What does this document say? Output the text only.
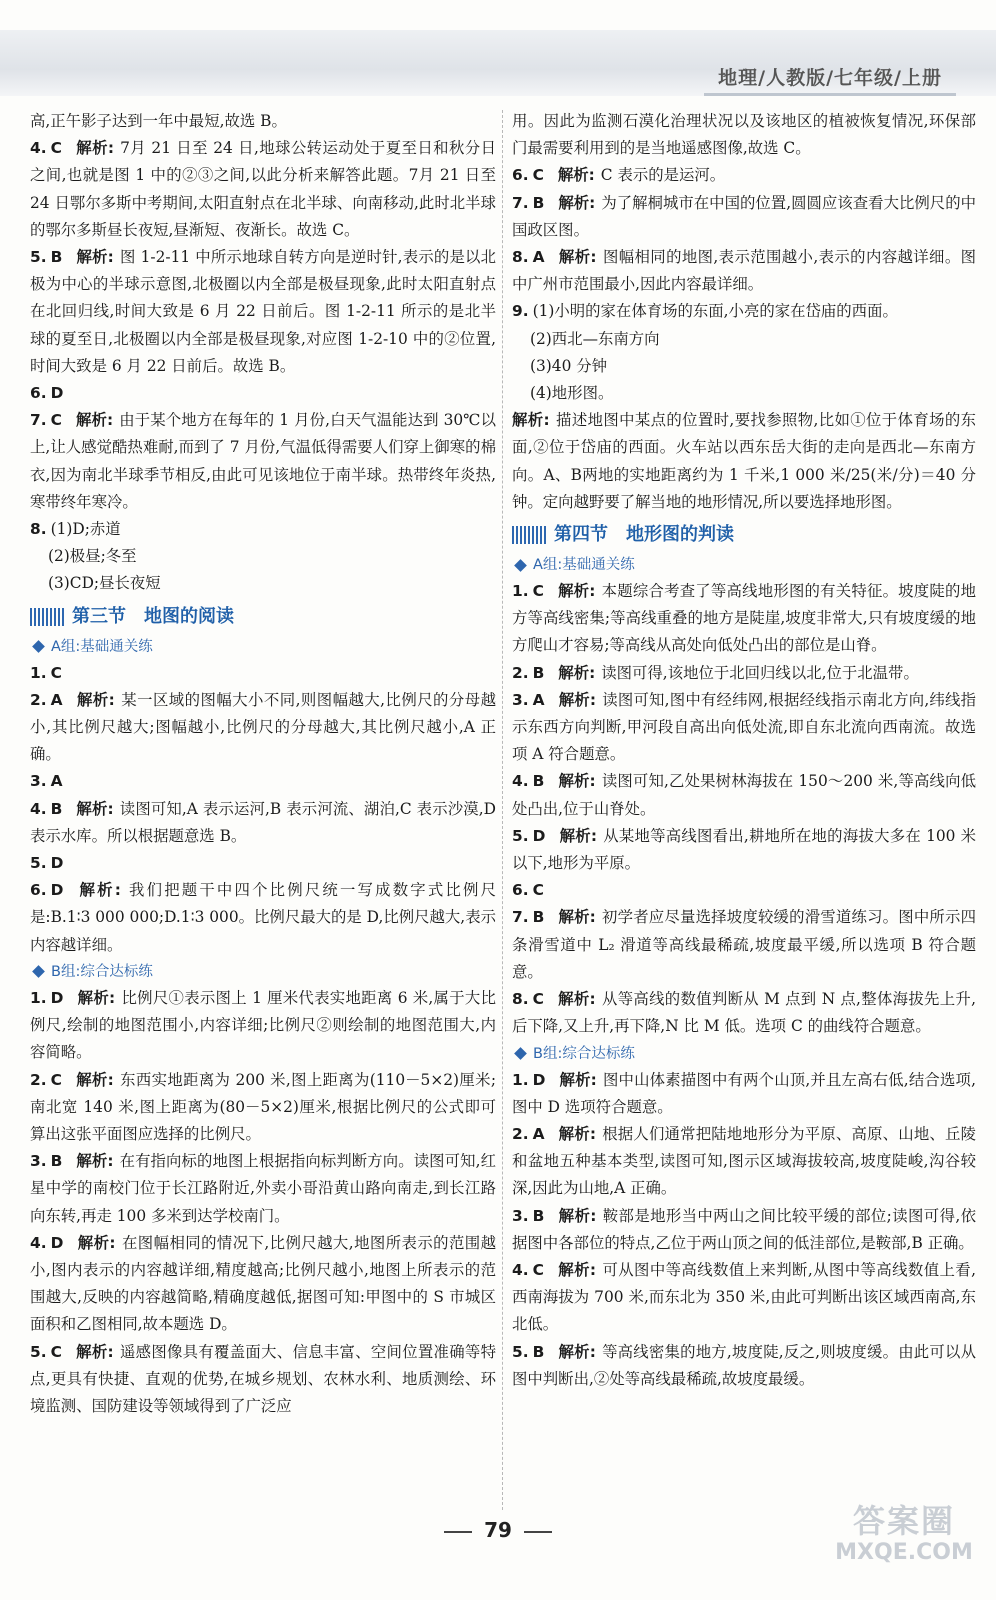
地理/人教版/七年级/上册

高,正午影子达到一年中最短,故选 B。

4. C 解析: 7月 21 日至 24 日,地球公转运动处于夏至日和秋分日之间,也就是图 1 中的②③之间,以此分析来解答此题。7月 21 日至 24 日鄂尔多斯中考期间,太阳直射点在北半球、向南移动,此时北半球的鄂尔多斯昼长夜短,昼渐短、夜渐长。故选 C。

5. B 解析: 图 1-2-11 中所示地球自转方向是逆时针,表示的是以北极为中心的半球示意图,北极圈以内全部是极昼现象,此时太阳直射点在北回归线,时间大致是 6 月 22 日前后。图 1-2-11 所示的是北半球的夏至日,北极圈以内全部是极昼现象,对应图 1-2-10 中的②位置,时间大致是 6 月 22 日前后。故选 B。

6. D

7. C 解析: 由于某个地方在每年的 1 月份,白天气温能达到 30℃以上,让人感觉酷热难耐,而到了 7 月份,气温低得需要人们穿上御寒的棉衣,因为南北半球季节相反,由此可见该地位于南半球。热带终年炎热,寒带终年寒冷。

8. (1)D;赤道

(2)极昼;冬至

(3)CD;昼长夜短

第三节　地图的阅读
A组:基础通关练

1. C

2. A 解析: 某一区域的图幅大小不同,则图幅越大,比例尺的分母越小,其比例尺越大;图幅越小,比例尺的分母越大,其比例尺越小,A 正确。

3. A

4. B 解析: 读图可知,A 表示运河,B 表示河流、湖泊,C 表示沙漠,D 表示水库。所以根据题意选 B。

5. D

6. D 解析: 我们把题干中四个比例尺统一写成数字式比例尺是:B.1∶3 000 000;D.1∶3 000。比例尺最大的是 D,比例尺越大,表示内容越详细。

B组:综合达标练

1. D 解析: 比例尺①表示图上 1 厘米代表实地距离 6 米,属于大比例尺,绘制的地图范围小,内容详细;比例尺②则绘制的地图范围大,内容简略。

2. C 解析: 东西实地距离为 200 米,图上距离为(110－5×2)厘米;南北宽 140 米,图上距离为(80－5×2)厘米,根据比例尺的公式即可算出这张平面图应选择的比例尺。

3. B 解析: 在有指向标的地图上根据指向标判断方向。读图可知,红星中学的南校门位于长江路附近,外卖小哥沿黄山路向南走,到长江路向东转,再走 100 多米到达学校南门。

4. D 解析: 在图幅相同的情况下,比例尺越大,地图所表示的范围越小,图内表示的内容越详细,精度越高;比例尺越小,地图上所表示的范围越大,反映的内容越简略,精确度越低,据图可知:甲图中的 S 市城区面积和乙图相同,故本题选 D。

5. C 解析: 遥感图像具有覆盖面大、信息丰富、空间位置准确等特点,更具有快捷、直观的优势,在城乡规划、农林水利、地质测绘、环境监测、国防建设等领域得到了广泛应

用。因此为监测石漠化治理状况以及该地区的植被恢复情况,环保部门最需要利用到的是当地遥感图像,故选 C。

6. C 解析: C 表示的是运河。

7. B 解析: 为了解桐城市在中国的位置,圆圆应该查看大比例尺的中国政区图。

8. A 解析: 图幅相同的地图,表示范围越小,表示的内容越详细。图中广州市范围最小,因此内容最详细。

9. (1)小明的家在体育场的东面,小亮的家在岱庙的西面。

(2)西北—东南方向

(3)40 分钟

(4)地形图。

解析: 描述地图中某点的位置时,要找参照物,比如①位于体育场的东面,②位于岱庙的西面。火车站以西东岳大街的走向是西北—东南方向。A、B两地的实地距离约为 1 千米,1 000 米/25(米/分)＝40 分钟。定向越野要了解当地的地形情况,所以要选择地形图。

第四节　地形图的判读
A组:基础通关练

1. C 解析: 本题综合考查了等高线地形图的有关特征。坡度陡的地方等高线密集;等高线重叠的地方是陡崖,坡度非常大,只有坡度缓的地方爬山才容易;等高线从高处向低处凸出的部位是山脊。

2. B 解析: 读图可得,该地位于北回归线以北,位于北温带。

3. A 解析: 读图可知,图中有经纬网,根据经线指示南北方向,纬线指示东西方向判断,甲河段自高出向低处流,即自东北流向西南流。故选项 A 符合题意。

4. B 解析: 读图可知,乙处果树林海拔在 150～200 米,等高线向低处凸出,位于山脊处。

5. D 解析: 从某地等高线图看出,耕地所在地的海拔大多在 100 米以下,地形为平原。

6. C

7. B 解析: 初学者应尽量选择坡度较缓的滑雪道练习。图中所示四条滑雪道中 L₂ 滑道等高线最稀疏,坡度最平缓,所以选项 B 符合题意。

8. C 解析: 从等高线的数值判断从 M 点到 N 点,整体海拔先上升,后下降,又上升,再下降,N 比 M 低。选项 C 的曲线符合题意。

B组:综合达标练

1. D 解析: 图中山体素描图中有两个山顶,并且左高右低,结合选项,图中 D 选项符合题意。

2. A 解析: 根据人们通常把陆地地形分为平原、高原、山地、丘陵和盆地五种基本类型,读图可知,图示区域海拔较高,坡度陡峻,沟谷较深,因此为山地,A 正确。

3. B 解析: 鞍部是地形当中两山之间比较平缓的部位;读图可得,依据图中各部位的特点,乙位于两山顶之间的低洼部位,是鞍部,B 正确。

4. C 解析: 可从图中等高线数值上来判断,从图中等高线数值上看,西南海拔为 700 米,而东北为 350 米,由此可判断出该区域西南高,东北低。

5. B 解析: 等高线密集的地方,坡度陡,反之,则坡度缓。由此可以从图中判断出,②处等高线最稀疏,故坡度最缓。

79	答案圈
MXQE.COM
